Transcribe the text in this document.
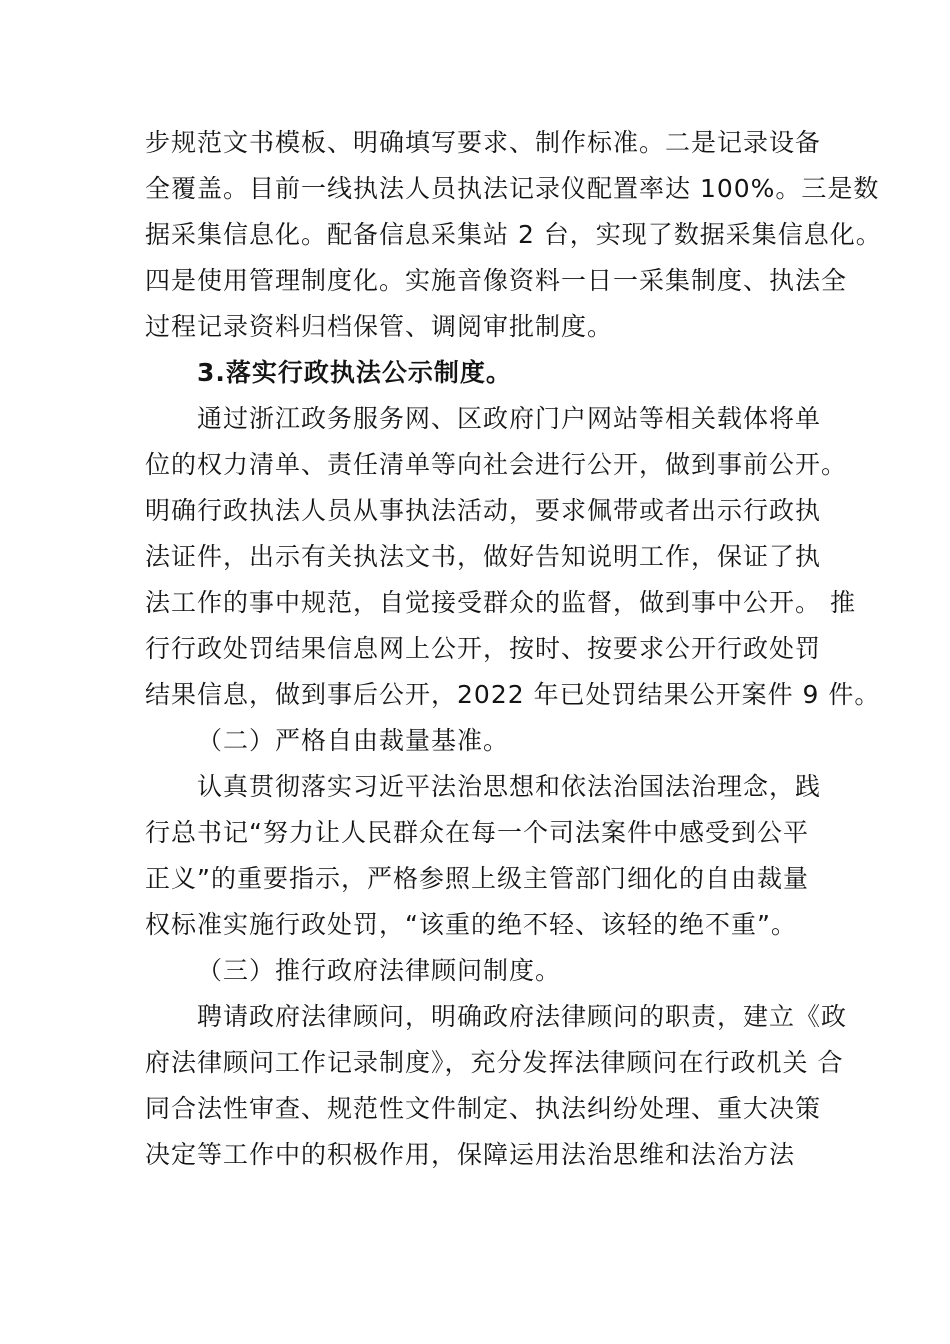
步规范文书模板、明确填写要求、制作标准。二是记录设备
全覆盖。目前一线执法人员执法记录仪配置率达 100%。三是数
据采集信息化。配备信息采集站 2 台，实现了数据采集信息化。
四是使用管理制度化。实施音像资料一日一采集制度、执法全
过程记录资料归档保管、调阅审批制度。
3.落实行政执法公示制度。
通过浙江政务服务网、区政府门户网站等相关载体将单
位的权力清单、责任清单等向社会进行公开，做到事前公开。
明确行政执法人员从事执法活动，要求佩带或者出示行政执
法证件，出示有关执法文书，做好告知说明工作，保证了执
法工作的事中规范，自觉接受群众的监督，做到事中公开。 推
行行政处罚结果信息网上公开，按时、按要求公开行政处罚
结果信息，做到事后公开，2022 年已处罚结果公开案件 9 件。
（二）严格自由裁量基准。
认真贯彻落实习近平法治思想和依法治国法治理念，践
行总书记“努力让人民群众在每一个司法案件中感受到公平
正义”的重要指示，严格参照上级主管部门细化的自由裁量
权标准实施行政处罚，“该重的绝不轻、该轻的绝不重”。
（三）推行政府法律顾问制度。
聘请政府法律顾问，明确政府法律顾问的职责，建立《政
府法律顾问工作记录制度》，充分发挥法律顾问在行政机关 合
同合法性审查、规范性文件制定、执法纠纷处理、重大决策
决定等工作中的积极作用，保障运用法治思维和法治方法
